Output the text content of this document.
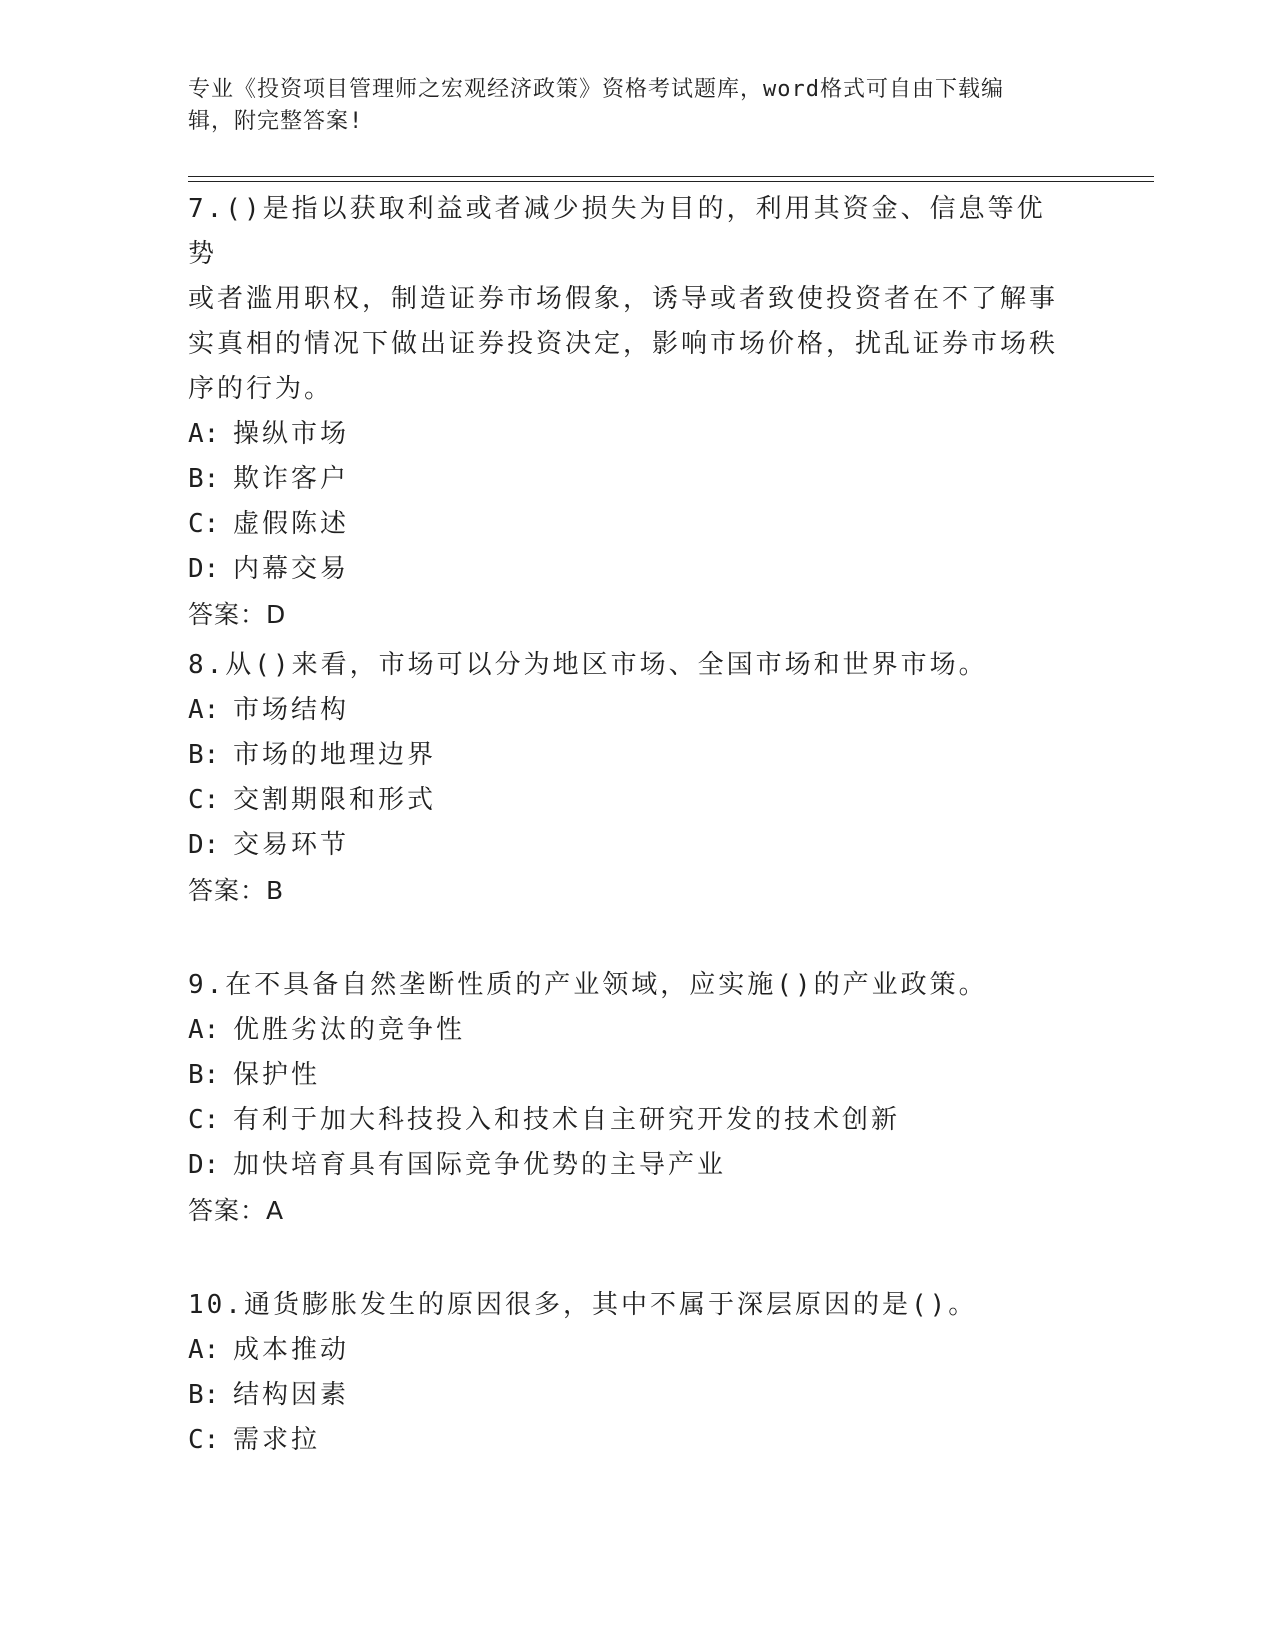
专业《投资项目管理师之宏观经济政策》资格考试题库，word格式可自由下载编
辑，附完整答案!
7.()是指以获取利益或者减少损失为目的，利用其资金、信息等优势
或者滥用职权，制造证券市场假象，诱导或者致使投资者在不了解事
实真相的情况下做出证券投资决定，影响市场价格，扰乱证券市场秩
序的行为。
A: 操纵市场
B: 欺诈客户
C: 虚假陈述
D: 内幕交易
答案：D
8.从()来看，市场可以分为地区市场、全国市场和世界市场。
A: 市场结构
B: 市场的地理边界
C: 交割期限和形式
D: 交易环节
答案：B
9.在不具备自然垄断性质的产业领域，应实施()的产业政策。
A: 优胜劣汰的竞争性
B: 保护性
C: 有利于加大科技投入和技术自主研究开发的技术创新
D: 加快培育具有国际竞争优势的主导产业
答案：A
10.通货膨胀发生的原因很多，其中不属于深层原因的是()。
A: 成本推动
B: 结构因素
C: 需求拉
